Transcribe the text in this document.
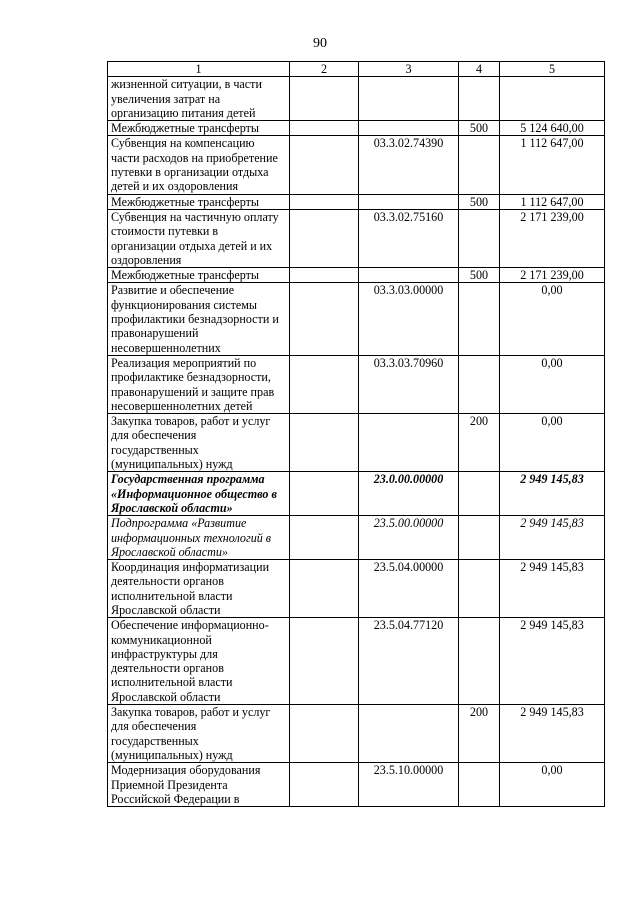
90
1	2	3	4	5
жизненной ситуации, в части увеличения затрат на организацию питания детей				
Межбюджетные трансферты			500	5 124 640,00
Субвенция на компенсацию части расходов на приобретение путевки в организации отдыха детей и их оздоровления		03.3.02.74390		1 112 647,00
Межбюджетные трансферты			500	1 112 647,00
Субвенция на частичную оплату стоимости путевки в организации отдыха детей и их оздоровления		03.3.02.75160		2 171 239,00
Межбюджетные трансферты			500	2 171 239,00
Развитие и обеспечение функционирования системы профилактики безнадзорности и правонарушений несовершеннолетних		03.3.03.00000		0,00
Реализация мероприятий по профилактике безнадзорности, правонарушений и защите прав несовершеннолетних детей		03.3.03.70960		0,00
Закупка товаров, работ и услуг для обеспечения государственных (муниципальных) нужд			200	0,00
Государственная программа «Информационное общество в Ярославской области»		23.0.00.00000		2 949 145,83
Подпрограмма «Развитие информационных технологий в Ярославской области»		23.5.00.00000		2 949 145,83
Координация информатизации деятельности органов исполнительной власти Ярославской области		23.5.04.00000		2 949 145,83
Обеспечение информационно-коммуникационной инфраструктуры для деятельности органов исполнительной власти Ярославской области		23.5.04.77120		2 949 145,83
Закупка товаров, работ и услуг для обеспечения государственных (муниципальных) нужд			200	2 949 145,83
Модернизация оборудования Приемной Президента Российской Федерации в		23.5.10.00000		0,00
